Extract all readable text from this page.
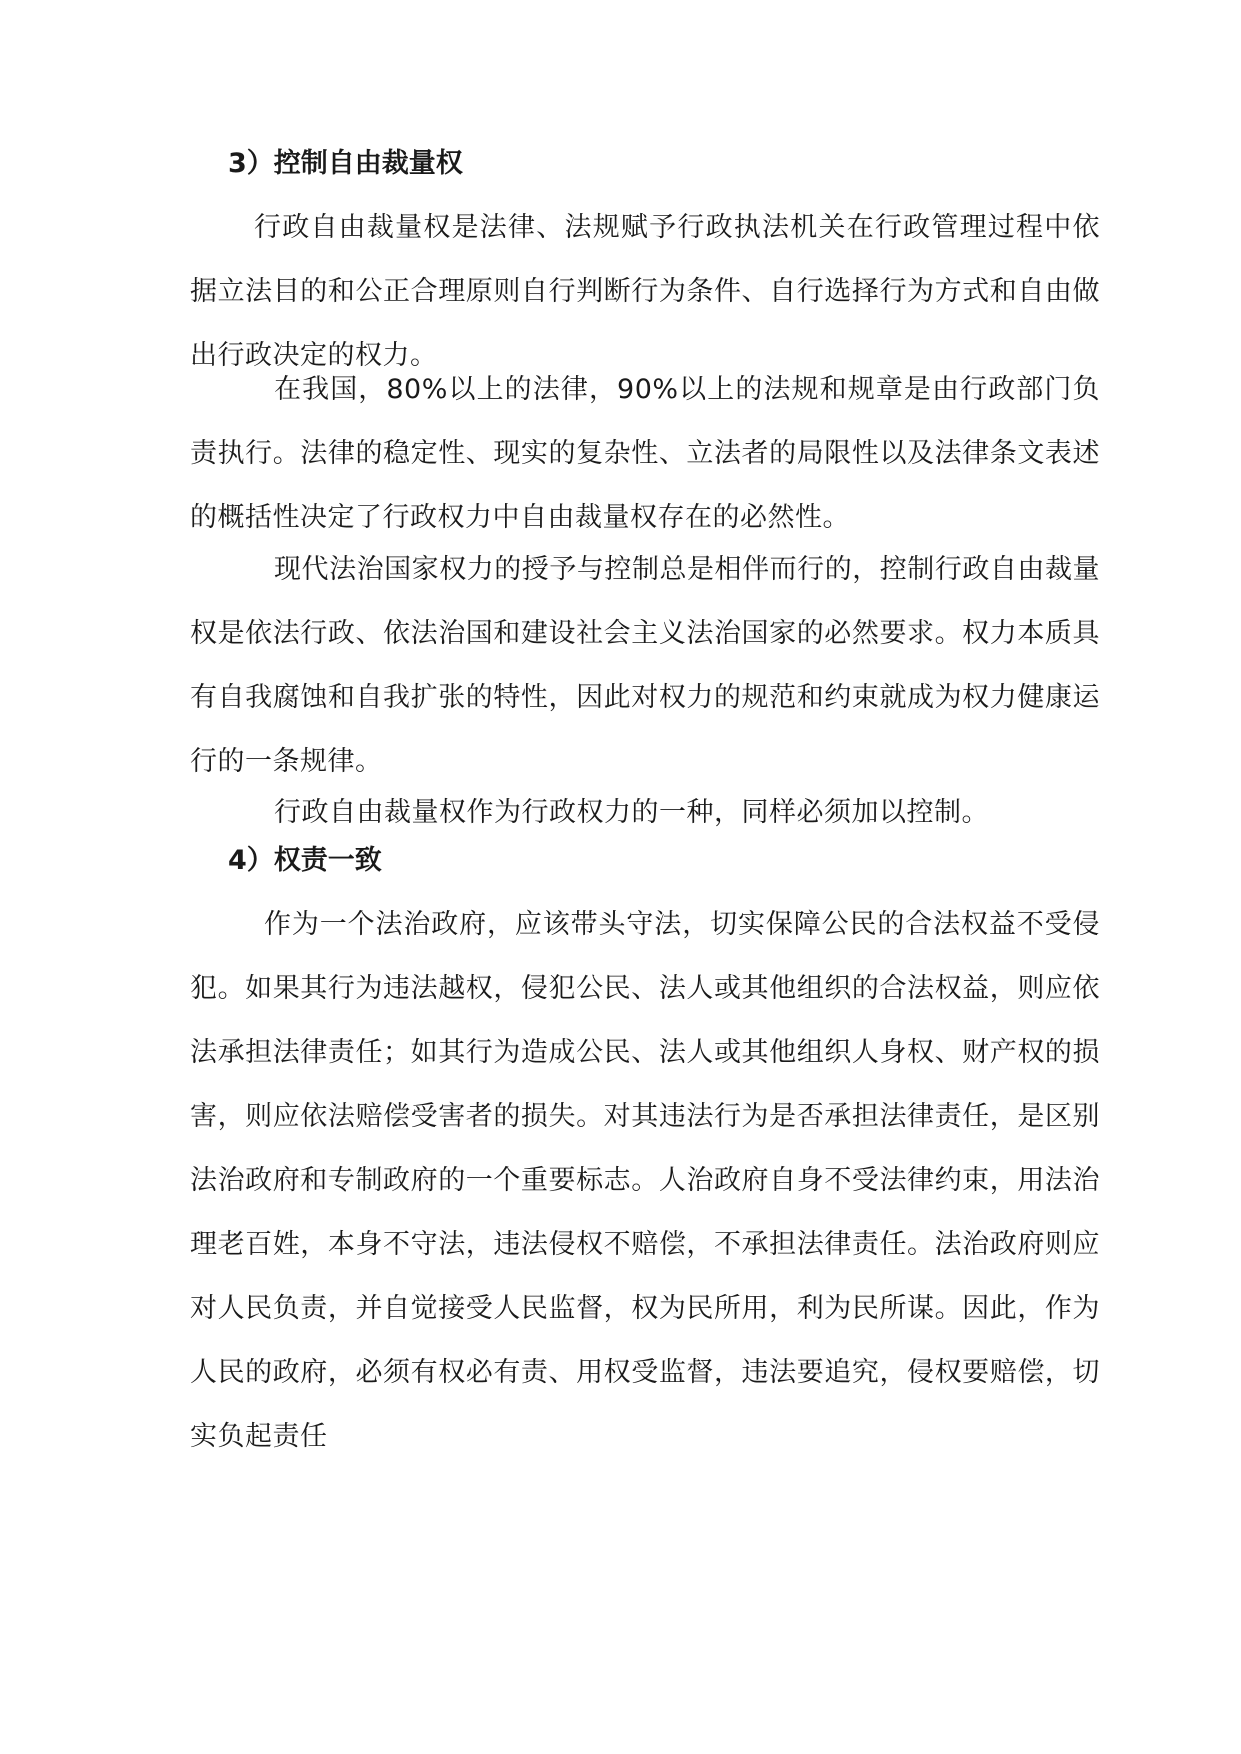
3）控制自由裁量权

行政自由裁量权是法律、法规赋予行政执法机关在行政管理过程中依据立法目的和公正合理原则自行判断行为条件、自行选择行为方式和自由做出行政决定的权力。

在我国，80%以上的法律，90%以上的法规和规章是由行政部门负责执行。法律的稳定性、现实的复杂性、立法者的局限性以及法律条文表述的概括性决定了行政权力中自由裁量权存在的必然性。

现代法治国家权力的授予与控制总是相伴而行的，控制行政自由裁量权是依法行政、依法治国和建设社会主义法治国家的必然要求。权力本质具有自我腐蚀和自我扩张的特性，因此对权力的规范和约束就成为权力健康运行的一条规律。

行政自由裁量权作为行政权力的一种，同样必须加以控制。

4）权责一致

作为一个法治政府，应该带头守法，切实保障公民的合法权益不受侵犯。如果其行为违法越权，侵犯公民、法人或其他组织的合法权益，则应依法承担法律责任；如其行为造成公民、法人或其他组织人身权、财产权的损害，则应依法赔偿受害者的损失。对其违法行为是否承担法律责任，是区别法治政府和专制政府的一个重要标志。人治政府自身不受法律约束，用法治理老百姓，本身不守法，违法侵权不赔偿，不承担法律责任。法治政府则应对人民负责，并自觉接受人民监督，权为民所用，利为民所谋。因此，作为人民的政府，必须有权必有责、用权受监督，违法要追究，侵权要赔偿，切实负起责任
